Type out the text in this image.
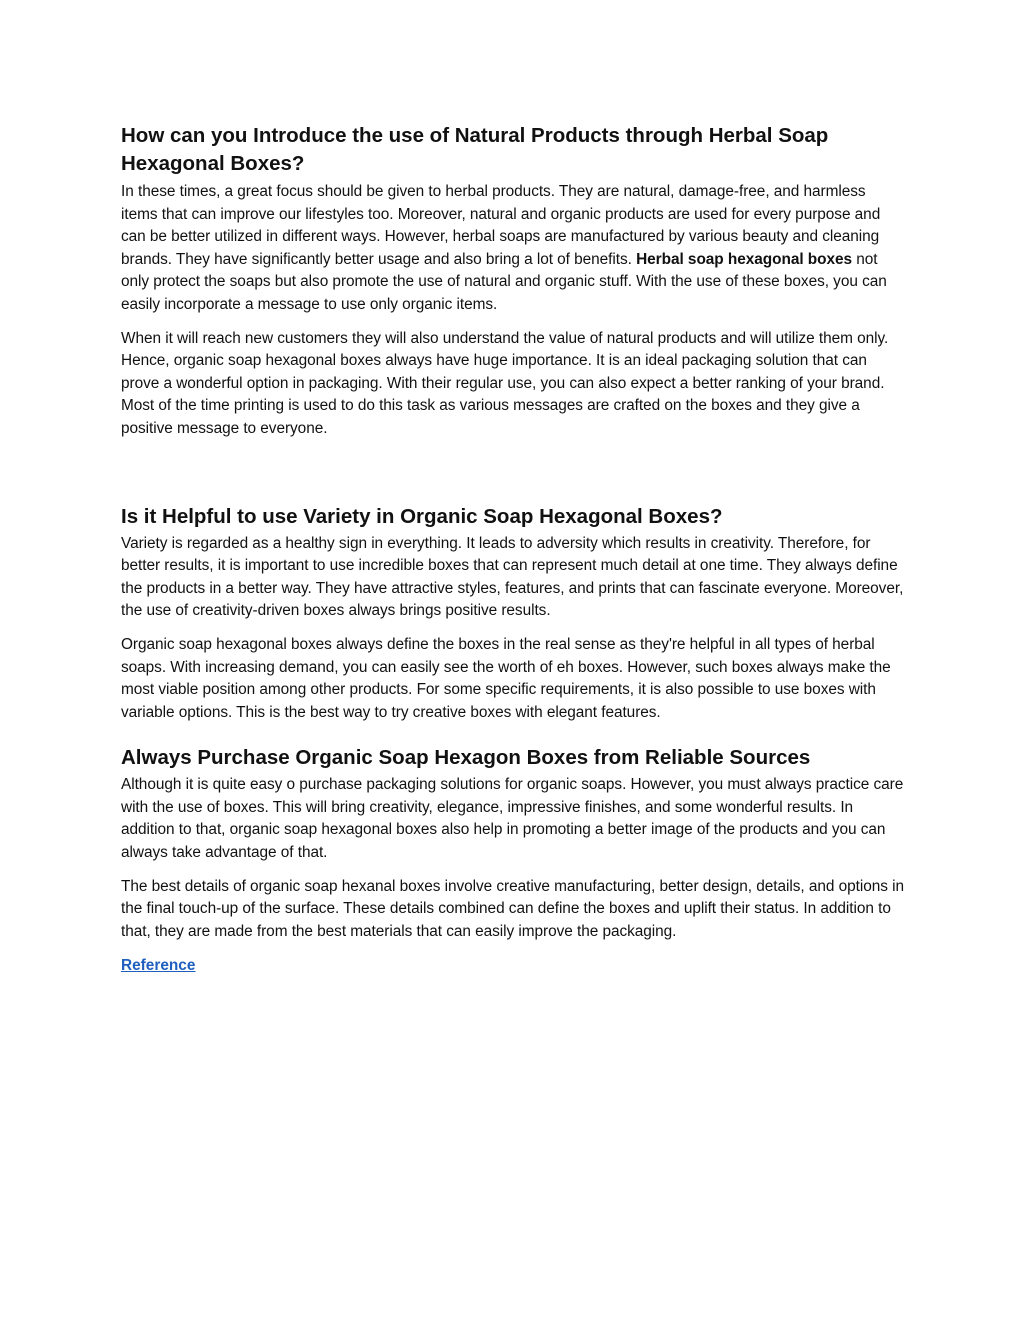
How can you Introduce the use of Natural Products through Herbal Soap Hexagonal Boxes?

In these times, a great focus should be given to herbal products. They are natural, damage-free, and harmless items that can improve our lifestyles too. Moreover, natural and organic products are used for every purpose and can be better utilized in different ways. However, herbal soaps are manufactured by various beauty and cleaning brands. They have significantly better usage and also bring a lot of benefits. Herbal soap hexagonal boxes not only protect the soaps but also promote the use of natural and organic stuff. With the use of these boxes, you can easily incorporate a message to use only organic items.

When it will reach new customers they will also understand the value of natural products and will utilize them only. Hence, organic soap hexagonal boxes always have huge importance. It is an ideal packaging solution that can prove a wonderful option in packaging. With their regular use, you can also expect a better ranking of your brand. Most of the time printing is used to do this task as various messages are crafted on the boxes and they give a positive message to everyone.

Is it Helpful to use Variety in Organic Soap Hexagonal Boxes?

Variety is regarded as a healthy sign in everything. It leads to adversity which results in creativity. Therefore, for better results, it is important to use incredible boxes that can represent much detail at one time. They always define the products in a better way. They have attractive styles, features, and prints that can fascinate everyone. Moreover, the use of creativity-driven boxes always brings positive results.

Organic soap hexagonal boxes always define the boxes in the real sense as they're helpful in all types of herbal soaps. With increasing demand, you can easily see the worth of eh boxes. However, such boxes always make the most viable position among other products. For some specific requirements, it is also possible to use boxes with variable options. This is the best way to try creative boxes with elegant features.

Always Purchase Organic Soap Hexagon Boxes from Reliable Sources

Although it is quite easy o purchase packaging solutions for organic soaps. However, you must always practice care with the use of boxes. This will bring creativity, elegance, impressive finishes, and some wonderful results. In addition to that, organic soap hexagonal boxes also help in promoting a better image of the products and you can always take advantage of that.

The best details of organic soap hexanal boxes involve creative manufacturing, better design, details, and options in the final touch-up of the surface. These details combined can define the boxes and uplift their status. In addition to that, they are made from the best materials that can easily improve the packaging.

Reference
